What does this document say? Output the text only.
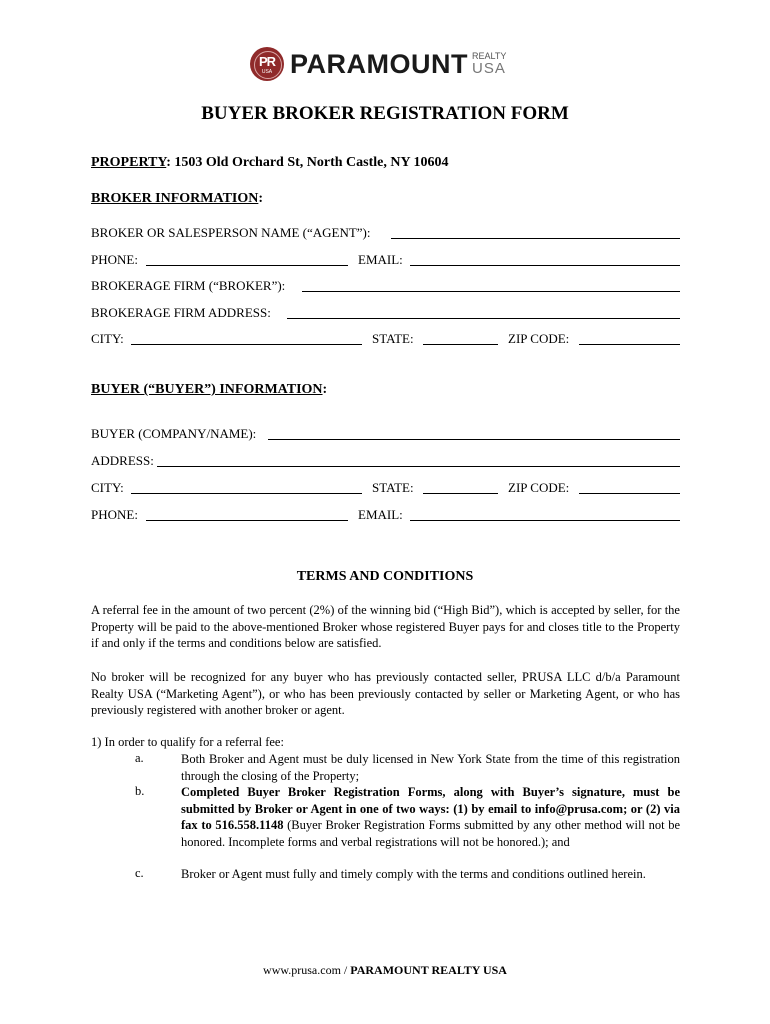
PR
USA PARAMOUNT REALTY
USA
BUYER BROKER REGISTRATION FORM
PROPERTY: 1503 Old Orchard St, North Castle, NY 10604
BROKER INFORMATION:
BROKER OR SALESPERSON NAME (“AGENT”):
PHONE:	EMAIL:
BROKERAGE FIRM (“BROKER”):
BROKERAGE FIRM ADDRESS:
CITY:	STATE:	ZIP CODE:
BUYER (“BUYER”) INFORMATION:
BUYER (COMPANY/NAME):
ADDRESS:
CITY:	STATE:	ZIP CODE:
PHONE:	EMAIL:
TERMS AND CONDITIONS
A referral fee in the amount of two percent (2%) of the winning bid (“High Bid”), which is accepted by seller, for the Property will be paid to the above-mentioned Broker whose registered Buyer pays for and closes title to the Property if and only if the terms and conditions below are satisfied.
No broker will be recognized for any buyer who has previously contacted seller, PRUSA LLC d/b/a Paramount Realty USA (“Marketing Agent”), or who has been previously contacted by seller or Marketing Agent, or who has previously registered with another broker or agent.
1) In order to qualify for a referral fee:
a.	Both Broker and Agent must be duly licensed in New York State from the time of this registration through the closing of the Property;
b.	Completed Buyer Broker Registration Forms, along with Buyer’s signature, must be submitted by Broker or Agent in one of two ways: (1) by email to info@prusa.com; or (2) via fax to 516.558.1148 (Buyer Broker Registration Forms submitted by any other method will not be honored. Incomplete forms and verbal registrations will not be honored.); and
c.	Broker or Agent must fully and timely comply with the terms and conditions outlined herein.
www.prusa.com / PARAMOUNT REALTY USA
